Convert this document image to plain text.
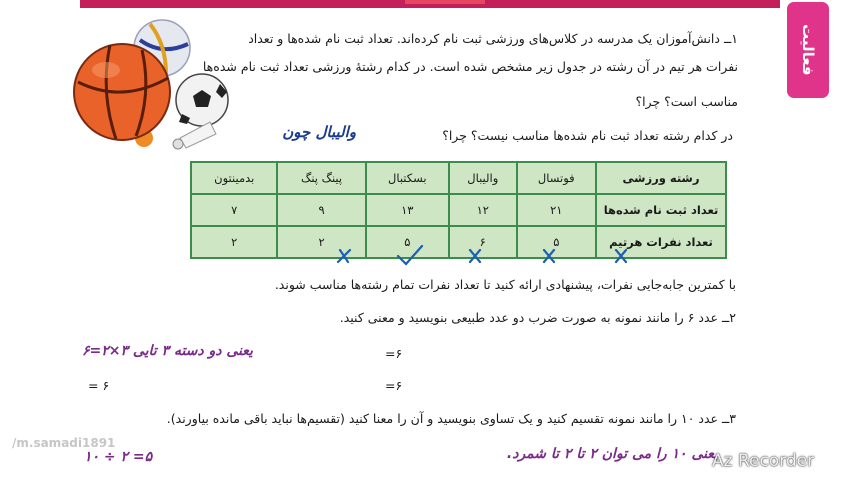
فعالیت
۱ــ دانش‌آموزان یک مدرسه در کلاس‌های ورزشی ثبت نام کرده‌اند. تعداد ثبت نام شده‌ها و تعداد
نفرات هر تیم در آن رشته در جدول زیر مشخص شده است. در کدام رشتهٔ ورزشی تعداد ثبت نام شده‌ها
مناسب است؟ چرا؟
در کدام رشته تعداد ثبت نام شده‌ها مناسب نیست؟ چرا؟
والیبال چون
رشته ورزشی	فوتسال	والیبال	بسکتبال	پینگ پنگ	بدمینتون
تعداد ثبت نام شده‌ها	۲۱	۱۲	۱۳	۹	۷
تعداد نفرات هرتیم	۵	۶	۵	۲	۲
با کمترین جابه‌جایی نفرات، پیشنهادی ارائه کنید تا تعداد نفرات تمام رشته‌ها مناسب شوند.
۲ــ عدد ۶ را مانند نمونه به صورت ضرب دو عدد طبیعی بنویسید و معنی کنید.
یعنی دو دسته ۳ تایی ۳×۲=۶	=۶
=۶
= ۶
/m.samadi1891
۳ــ عدد ۱۰ را مانند نمونه تقسیم کنید و یک تساوی بنویسید و آن را معنا کنید (تقسیم‌ها نباید باقی مانده بیاورند).
یعنی ۱۰ را می توان ۲ تا ۲ تا شمرد.
۱۰ ÷ ۲ =۵	Az Recorder
